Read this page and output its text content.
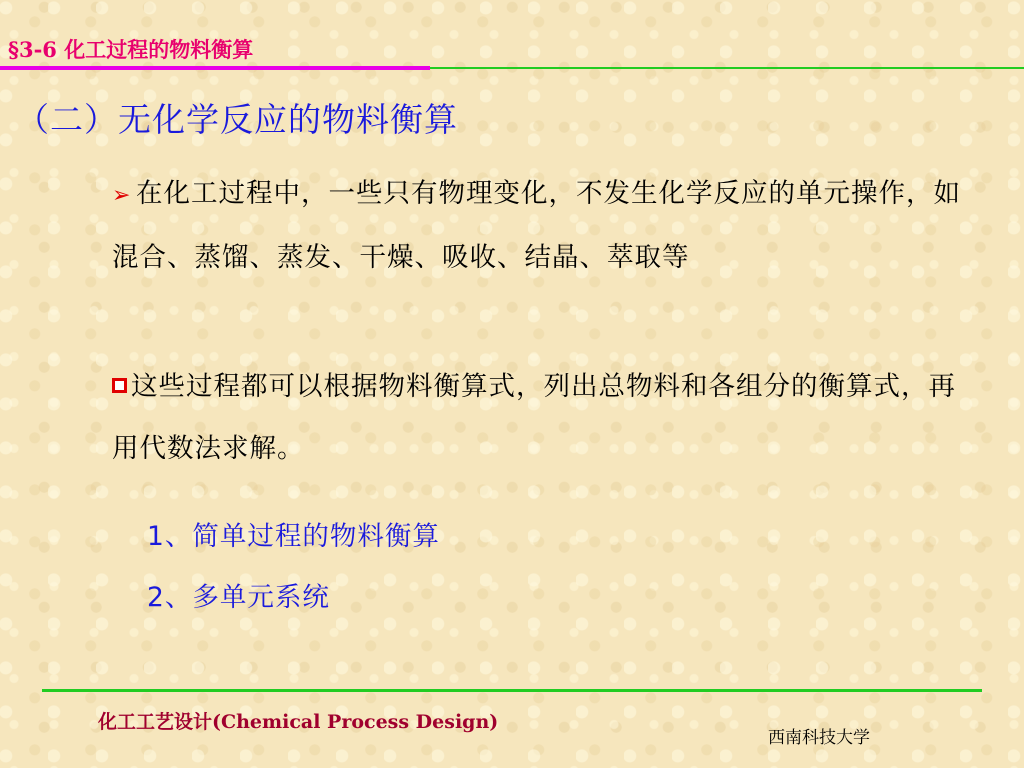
§3-6 化工过程的物料衡算
（二）无化学反应的物料衡算
➢ 在化工过程中，一些只有物理变化，不发生化学反应的单元操作，如混合、蒸馏、蒸发、干燥、吸收、结晶、萃取等
这些过程都可以根据物料衡算式，列出总物料和各组分的衡算式，再用代数法求解。
1、简单过程的物料衡算
2、多单元系统
化工工艺设计(Chemical Process Design)
西南科技大学
